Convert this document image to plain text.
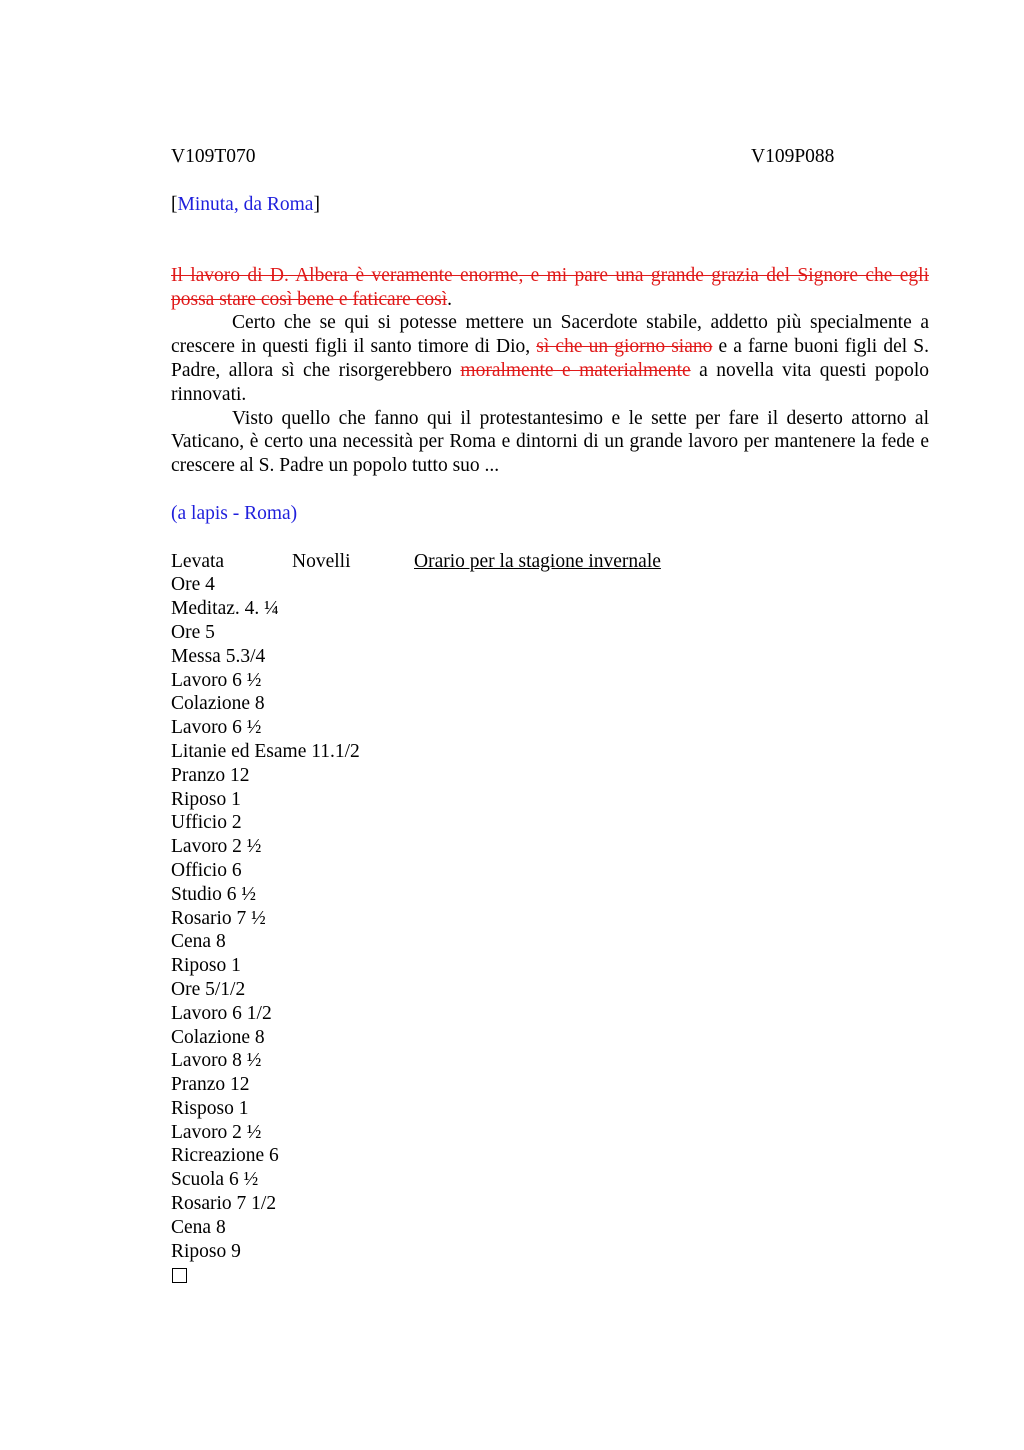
V109T070	V109P088
[Minuta, da Roma]
Il lavoro di D. Albera è veramente enorme, e mi pare una grande grazia del Signore che egli possa stare così bene e faticare così.
Certo che se qui si potesse mettere un Sacerdote stabile, addetto più specialmente a crescere in questi figli il santo timore di Dio, sì che un giorno siano e a farne buoni figli del S. Padre, allora sì che risorgerebbero moralmente e materialmente a novella vita questi popolo rinnovati.
Visto quello che fanno qui il protestantesimo e le sette per fare il deserto attorno al Vaticano, è certo una necessità per Roma e dintorni di un grande lavoro per mantenere la fede e crescere al S. Padre un popolo tutto suo ...
(a lapis - Roma)
Levata	Novelli	Orario per la stagione invernale
Ore 4
Meditaz. 4. ¼
Ore 5
Messa 5.3/4
Lavoro 6 ½
Colazione 8
Lavoro 6 ½
Litanie ed Esame 11.1/2
Pranzo 12
Riposo 1
Ufficio 2
Lavoro 2 ½
Officio 6
Studio 6 ½
Rosario 7 ½
Cena 8
Riposo 1
Ore 5/1/2
Lavoro 6 1/2
Colazione 8
Lavoro 8 ½
Pranzo 12
Risposo 1
Lavoro 2 ½
Ricreazione 6
Scuola 6 ½
Rosario 7 1/2
Cena 8
Riposo 9
